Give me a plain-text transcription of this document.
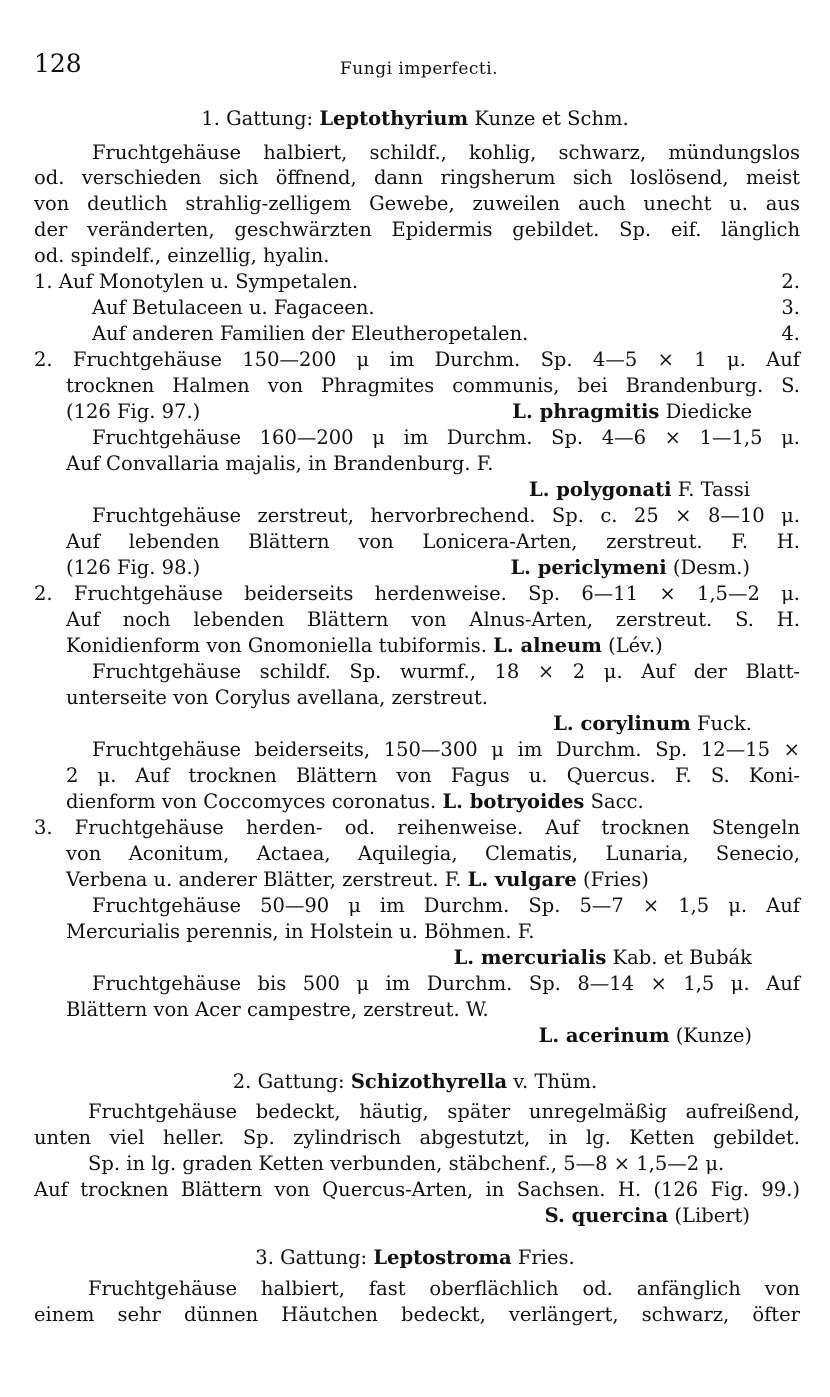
128	Fungi imperfecti.
1. Gattung: Leptothyrium Kunze et Schm.
Fruchtgehäuse halbiert, schildf., kohlig, schwarz, mündungslos
od. verschieden sich öffnend, dann ringsherum sich loslösend, meist
von deutlich strahlig-zelligem Gewebe, zuweilen auch unecht u. aus
der veränderten, geschwärzten Epidermis gebildet. Sp. eif. länglich
od. spindelf., einzellig, hyalin.
1. Auf Monotylen u. Sympetalen.	2.
Auf Betulaceen u. Fagaceen.	3.
Auf anderen Familien der Eleutheropetalen.	4.
2. Fruchtgehäuse 150—200 μ im Durchm. Sp. 4—5 × 1 μ. Auf
trocknen Halmen von Phragmites communis, bei Brandenburg. S.
(126 Fig. 97.)	L. phragmitis Diedicke
Fruchtgehäuse 160—200 μ im Durchm. Sp. 4—6 × 1—1,5 μ.
Auf Convallaria majalis, in Brandenburg. F.
L. polygonati F. Tassi
Fruchtgehäuse zerstreut, hervorbrechend. Sp. c. 25 × 8—10 μ.
Auf lebenden Blättern von Lonicera-Arten, zerstreut. F. H.
(126 Fig. 98.)	L. periclymeni (Desm.)
2. Fruchtgehäuse beiderseits herdenweise. Sp. 6—11 × 1,5—2 μ.
Auf noch lebenden Blättern von Alnus-Arten, zerstreut. S. H.
Konidienform von Gnomoniella tubiformis. L. alneum (Lév.)
Fruchtgehäuse schildf. Sp. wurmf., 18 × 2 μ. Auf der Blatt-
unterseite von Corylus avellana, zerstreut.
L. corylinum Fuck.
Fruchtgehäuse beiderseits, 150—300 μ im Durchm. Sp. 12—15 ×
2 μ. Auf trocknen Blättern von Fagus u. Quercus. F. S. Koni-
dienform von Coccomyces coronatus. L. botryoides Sacc.
3. Fruchtgehäuse herden- od. reihenweise. Auf trocknen Stengeln
von Aconitum, Actaea, Aquilegia, Clematis, Lunaria, Senecio,
Verbena u. anderer Blätter, zerstreut. F. L. vulgare (Fries)
Fruchtgehäuse 50—90 μ im Durchm. Sp. 5—7 × 1,5 μ. Auf
Mercurialis perennis, in Holstein u. Böhmen. F.
L. mercurialis Kab. et Bubák
Fruchtgehäuse bis 500 μ im Durchm. Sp. 8—14 × 1,5 μ. Auf
Blättern von Acer campestre, zerstreut. W.
L. acerinum (Kunze)
2. Gattung: Schizothyrella v. Thüm.
Fruchtgehäuse bedeckt, häutig, später unregelmäßig aufreißend,
unten viel heller. Sp. zylindrisch abgestutzt, in lg. Ketten gebildet.
Sp. in lg. graden Ketten verbunden, stäbchenf., 5—8 × 1,5—2 μ.
Auf trocknen Blättern von Quercus-Arten, in Sachsen. H. (126 Fig. 99.)
S. quercina (Libert)
3. Gattung: Leptostroma Fries.
Fruchtgehäuse halbiert, fast oberflächlich od. anfänglich von
einem sehr dünnen Häutchen bedeckt, verlängert, schwarz, öfter
